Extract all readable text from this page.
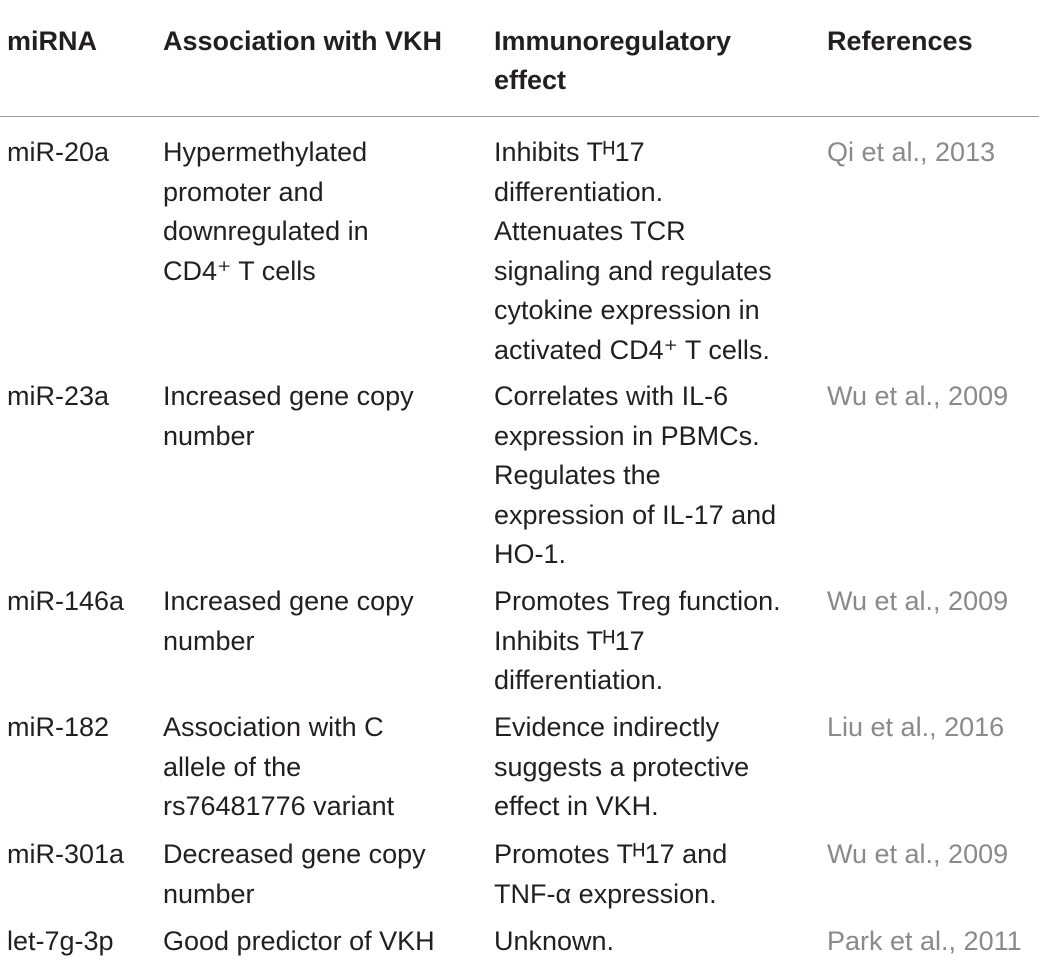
miRNA Association with VKH Immunoregulatory
effect
References
miR-20a Hypermethylated
promoter and
downregulated in
CD4⁺ T cells
Inhibits Tᴴ17
differentiation.
Attenuates TCR
signaling and regulates
cytokine expression in
activated CD4⁺ T cells.
Qi et al., 2013
miR-23a Increased gene copy
number
Correlates with IL-6
expression in PBMCs.
Regulates the
expression of IL-17 and
HO-1.
Wu et al., 2009
miR-146a Increased gene copy
number
Promotes Treg function.
Inhibits Tᴴ17
differentiation.
Wu et al., 2009
miR-182 Association with C
allele of the
rs76481776 variant
Evidence indirectly
suggests a protective
effect in VKH.
Liu et al., 2016
miR-301a Decreased gene copy
number
Promotes Tᴴ17 and
TNF-α expression.
Wu et al., 2009
let-7g-3p Good predictor of VKH Unknown.	Park et al., 2011
